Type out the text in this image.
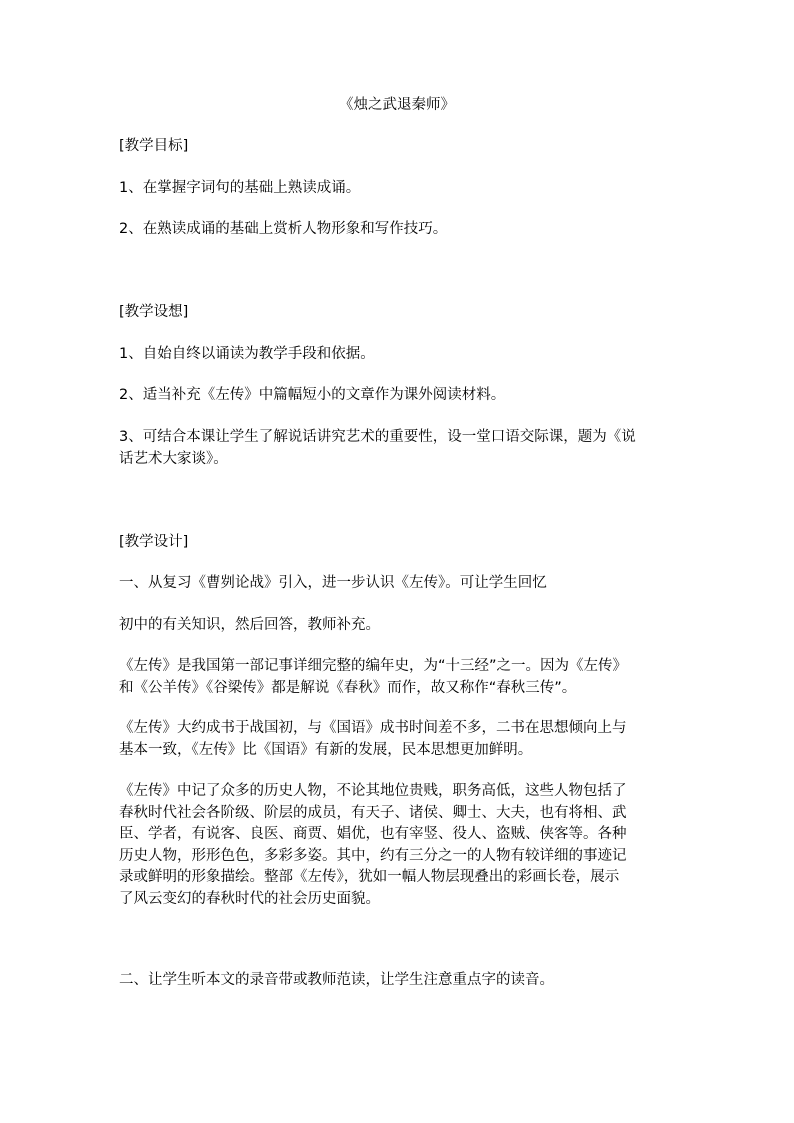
《烛之武退秦师》
[教学目标]
1、在掌握字词句的基础上熟读成诵。
2、在熟读成诵的基础上赏析人物形象和写作技巧。
[教学设想]
1、自始自终以诵读为教学手段和依据。
2、适当补充《左传》中篇幅短小的文章作为课外阅读材料。
3、可结合本课让学生了解说话讲究艺术的重要性，设一堂口语交际课，题为《说
话艺术大家谈》。
[教学设计]
一、从复习《曹刿论战》引入，进一步认识《左传》。可让学生回忆
初中的有关知识，然后回答，教师补充。
《左传》是我国第一部记事详细完整的编年史，为“十三经”之一。因为《左传》
和《公羊传》《谷梁传》都是解说《春秋》而作，故又称作“春秋三传”。
《左传》大约成书于战国初，与《国语》成书时间差不多，二书在思想倾向上与
基本一致，《左传》比《国语》有新的发展，民本思想更加鲜明。
《左传》中记了众多的历史人物，不论其地位贵贱，职务高低，这些人物包括了
春秋时代社会各阶级、阶层的成员，有天子、诸侯、卿士、大夫，也有将相、武
臣、学者，有说客、良医、商贾、娼优，也有宰竖、役人、盗贼、侠客等。各种
历史人物，形形色色，多彩多姿。其中，约有三分之一的人物有较详细的事迹记
录或鲜明的形象描绘。整部《左传》，犹如一幅人物层现叠出的彩画长卷，展示
了风云变幻的春秋时代的社会历史面貌。
二、让学生听本文的录音带或教师范读，让学生注意重点字的读音。
